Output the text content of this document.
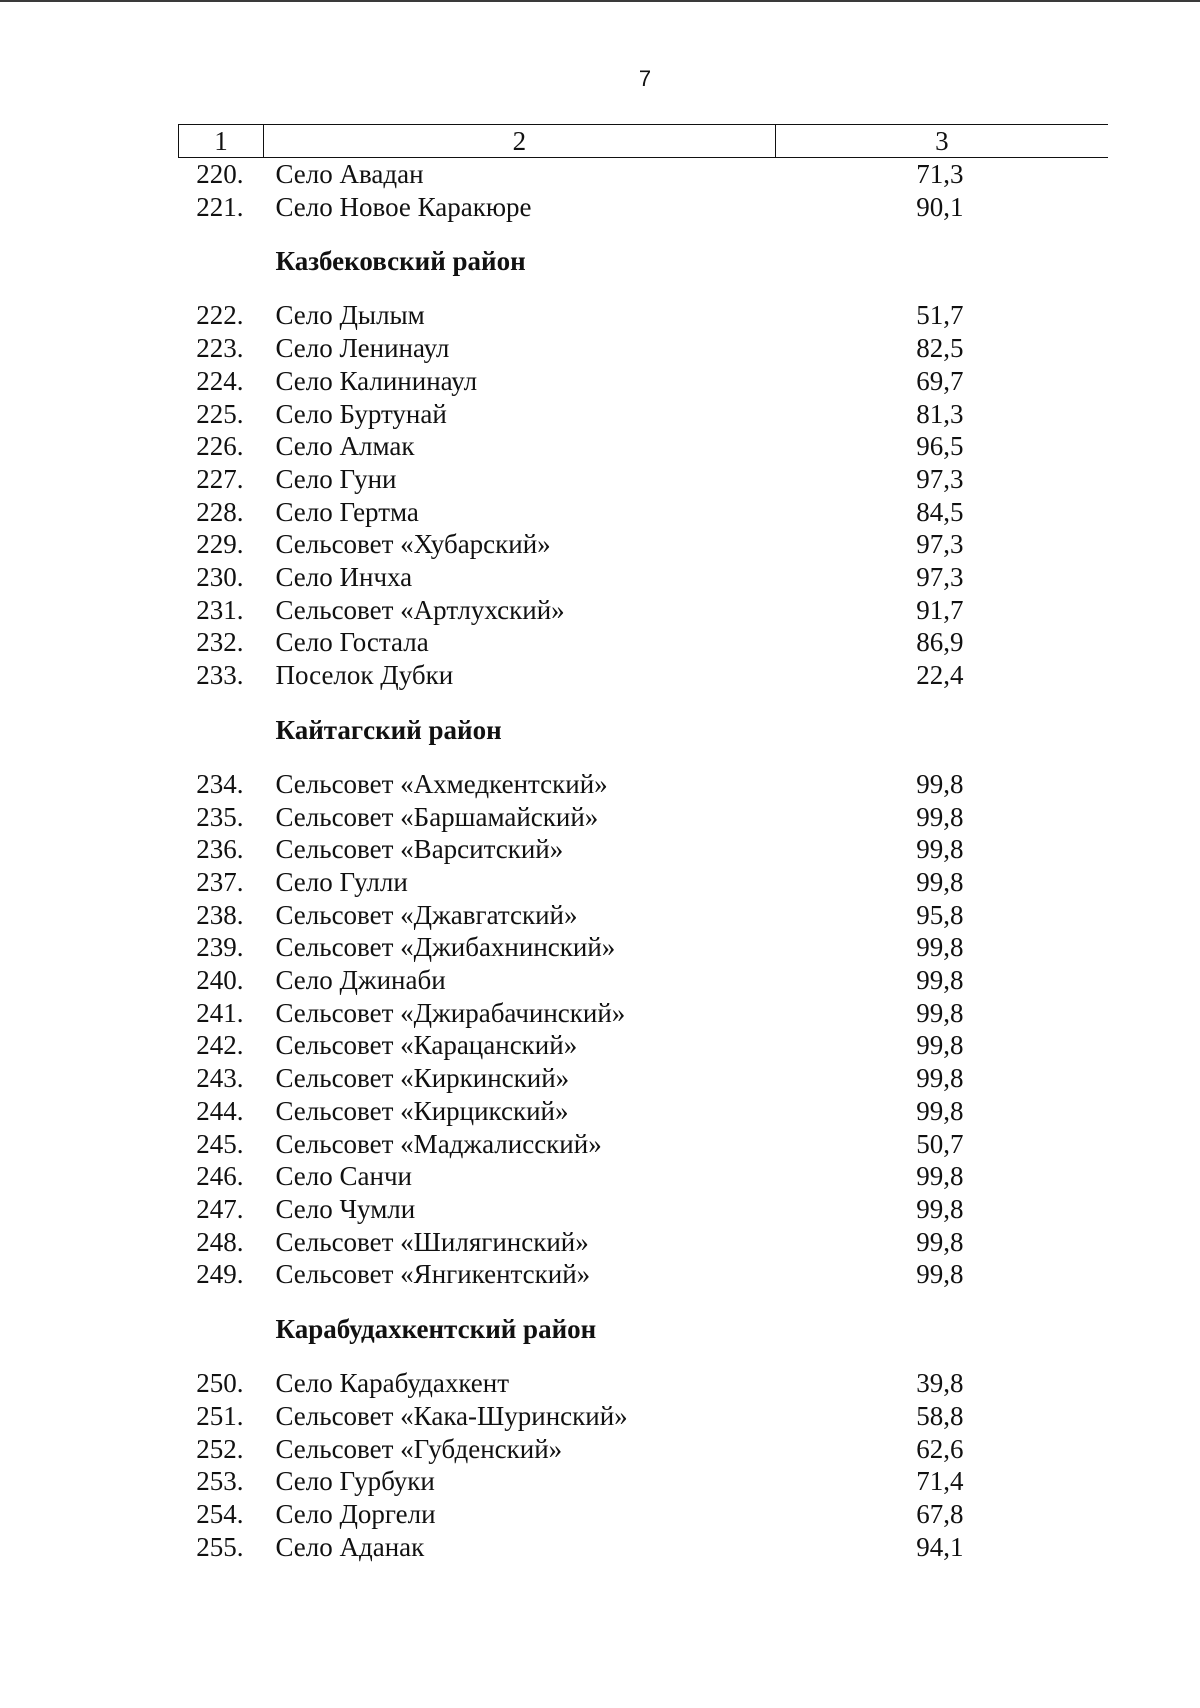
7
1	2	3
220.	Село Авадан	71,3
221.	Село Новое Каракюре	90,1

	Казбековский район	

222.	Село Дылым	51,7
223.	Село Ленинаул	82,5
224.	Село Калининаул	69,7
225.	Село Буртунай	81,3
226.	Село Алмак	96,5
227.	Село Гуни	97,3
228.	Село Гертма	84,5
229.	Сельсовет «Хубарский»	97,3
230.	Село Инчха	97,3
231.	Сельсовет «Артлухский»	91,7
232.	Село Гостала	86,9
233.	Поселок Дубки	22,4

	Кайтагский район	

234.	Сельсовет «Ахмедкентский»	99,8
235.	Сельсовет «Баршамайский»	99,8
236.	Сельсовет «Варситский»	99,8
237.	Село Гулли	99,8
238.	Сельсовет «Джавгатский»	95,8
239.	Сельсовет «Джибахнинский»	99,8
240.	Село Джинаби	99,8
241.	Сельсовет «Джирабачинский»	99,8
242.	Сельсовет «Карацанский»	99,8
243.	Сельсовет «Киркинский»	99,8
244.	Сельсовет «Кирцикский»	99,8
245.	Сельсовет «Маджалисский»	50,7
246.	Село Санчи	99,8
247.	Село Чумли	99,8
248.	Сельсовет «Шилягинский»	99,8
249.	Сельсовет «Янгикентский»	99,8

	Карабудахкентский район	

250.	Село Карабудахкент	39,8
251.	Сельсовет «Кака-Шуринский»	58,8
252.	Сельсовет «Губденский»	62,6
253.	Село Гурбуки	71,4
254.	Село Доргели	67,8
255.	Село Аданак	94,1
